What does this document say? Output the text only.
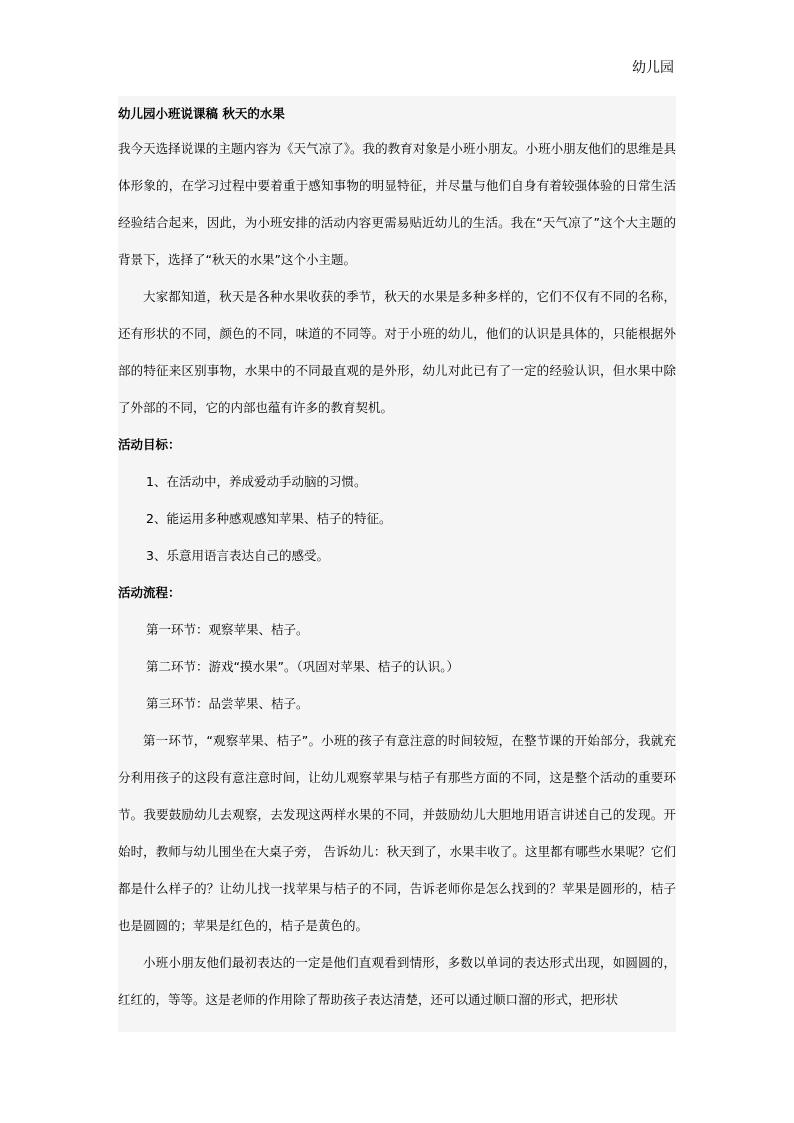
幼儿园

幼儿园小班说课稿 秋天的水果

我今天选择说课的主题内容为《天气凉了》。我的教育对象是小班小朋友。小班小朋友他们的思维是具体形象的，在学习过程中要着重于感知事物的明显特征，并尽量与他们自身有着较强体验的日常生活经验结合起来，因此，为小班安排的活动内容更需易贴近幼儿的生活。我在“天气凉了”这个大主题的背景下，选择了“秋天的水果”这个小主题。

大家都知道，秋天是各种水果收获的季节，秋天的水果是多种多样的，它们不仅有不同的名称，还有形状的不同，颜色的不同，味道的不同等。对于小班的幼儿，他们的认识是具体的，只能根据外部的特征来区别事物，水果中的不同最直观的是外形，幼儿对此已有了一定的经验认识，但水果中除了外部的不同，它的内部也蕴有许多的教育契机。

活动目标：

1、在活动中，养成爱动手动脑的习惯。

2、能运用多种感观感知苹果、桔子的特征。

3、乐意用语言表达自己的感受。

活动流程：

第一环节：观察苹果、桔子。

第二环节：游戏“摸水果”。（巩固对苹果、桔子的认识。）

第三环节：品尝苹果、桔子。

第一环节，“观察苹果、桔子”。小班的孩子有意注意的时间较短，在整节课的开始部分，我就充分利用孩子的这段有意注意时间，让幼儿观察苹果与桔子有那些方面的不同，这是整个活动的重要环节。我要鼓励幼儿去观察，去发现这两样水果的不同，并鼓励幼儿大胆地用语言讲述自己的发现。开始时，教师与幼儿围坐在大桌子旁， 告诉幼儿：秋天到了，水果丰收了。这里都有哪些水果呢？它们都是什么样子的？让幼儿找一找苹果与桔子的不同，告诉老师你是怎么找到的？苹果是圆形的，桔子也是圆圆的；苹果是红色的，桔子是黄色的。

小班小朋友他们最初表达的一定是他们直观看到情形，多数以单词的表达形式出现，如圆圆的，红红的，等等。这是老师的作用除了帮助孩子表达清楚，还可以通过顺口溜的形式，把形状
